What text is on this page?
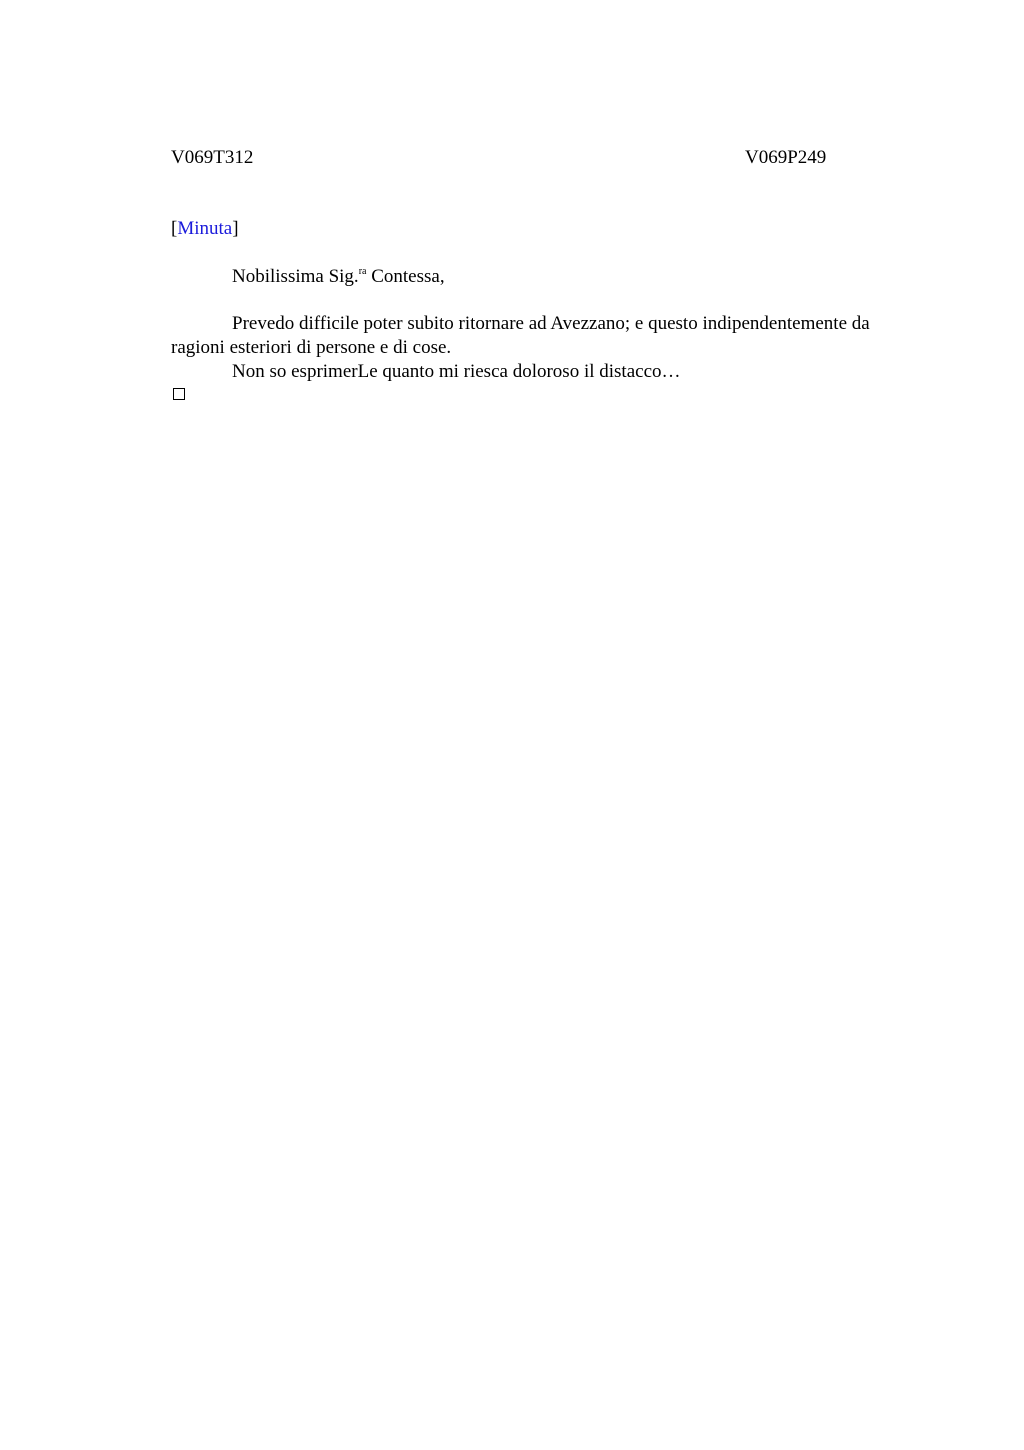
V069T312	V069P249
[Minuta]
Nobilissima Sig.$^{ra}$ Contessa,

Prevedo difficile poter subito ritornare ad Avezzano; e questo indipendentemente da ragioni esteriori di persone e di cose.

Non so esprimerLe quanto mi riesca doloroso il distacco…
